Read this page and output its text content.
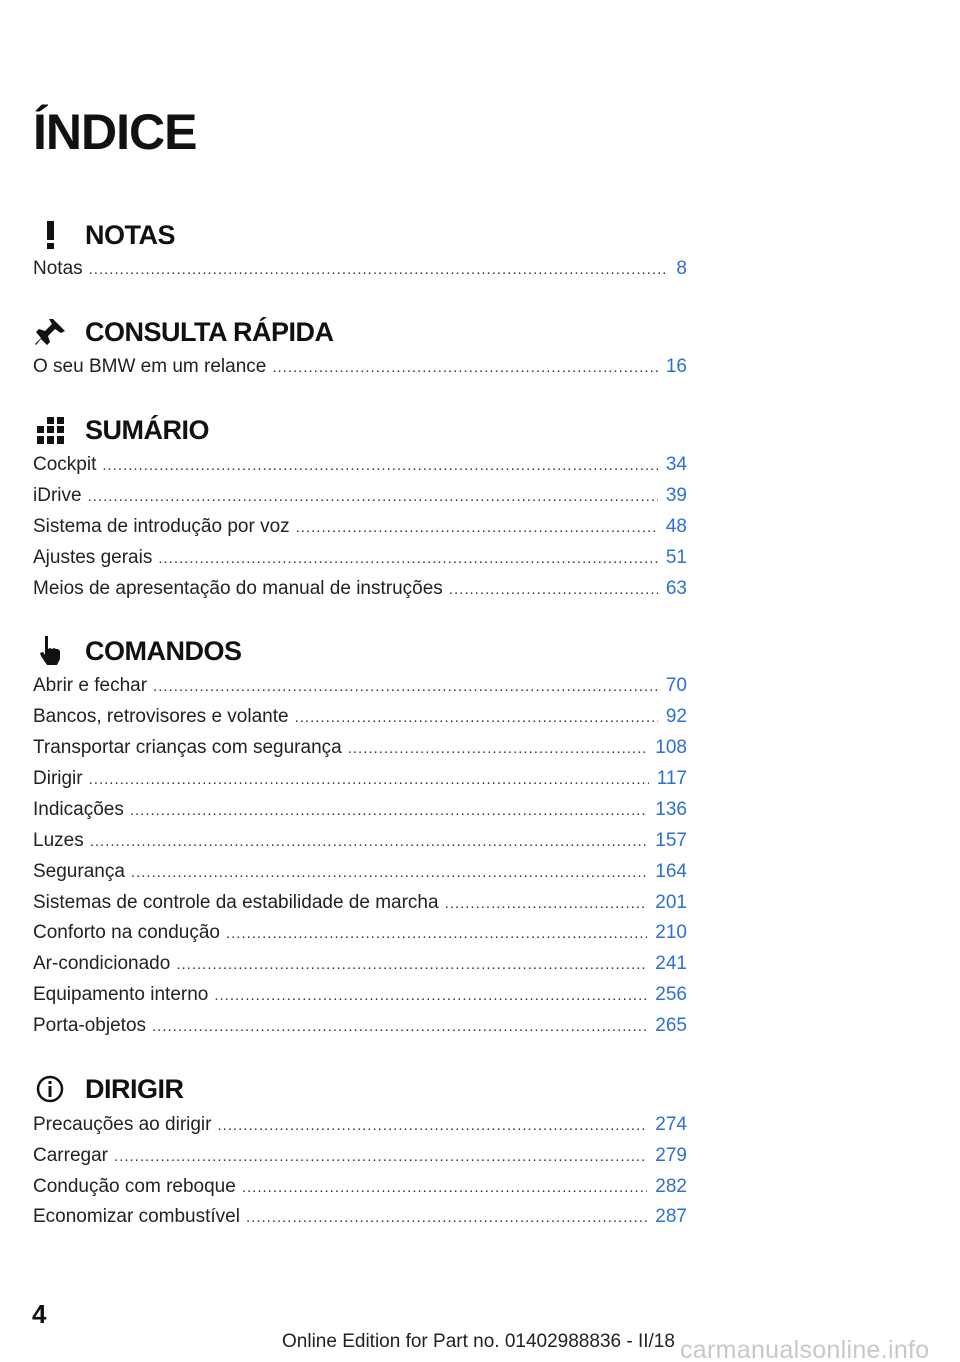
ÍNDICE
NOTAS
Notas .....	8
CONSULTA RÁPIDA
O seu BMW em um relance .....	16
SUMÁRIO
Cockpit .....	34
iDrive .....	39
Sistema de introdução por voz .....	48
Ajustes gerais .....	51
Meios de apresentação do manual de instruções .....	63
COMANDOS
Abrir e fechar .....	70
Bancos, retrovisores e volante .....	92
Transportar crianças com segurança .....	108
Dirigir .....	117
Indicações .....	136
Luzes .....	157
Segurança .....	164
Sistemas de controle da estabilidade de marcha .....	201
Conforto na condução .....	210
Ar-condicionado .....	241
Equipamento interno .....	256
Porta-objetos .....	265
DIRIGIR
Precauções ao dirigir .....	274
Carregar .....	279
Condução com reboque .....	282
Economizar combustível .....	287
4
Online Edition for Part no. 01402988836 - II/18 carmanualsonline.info
